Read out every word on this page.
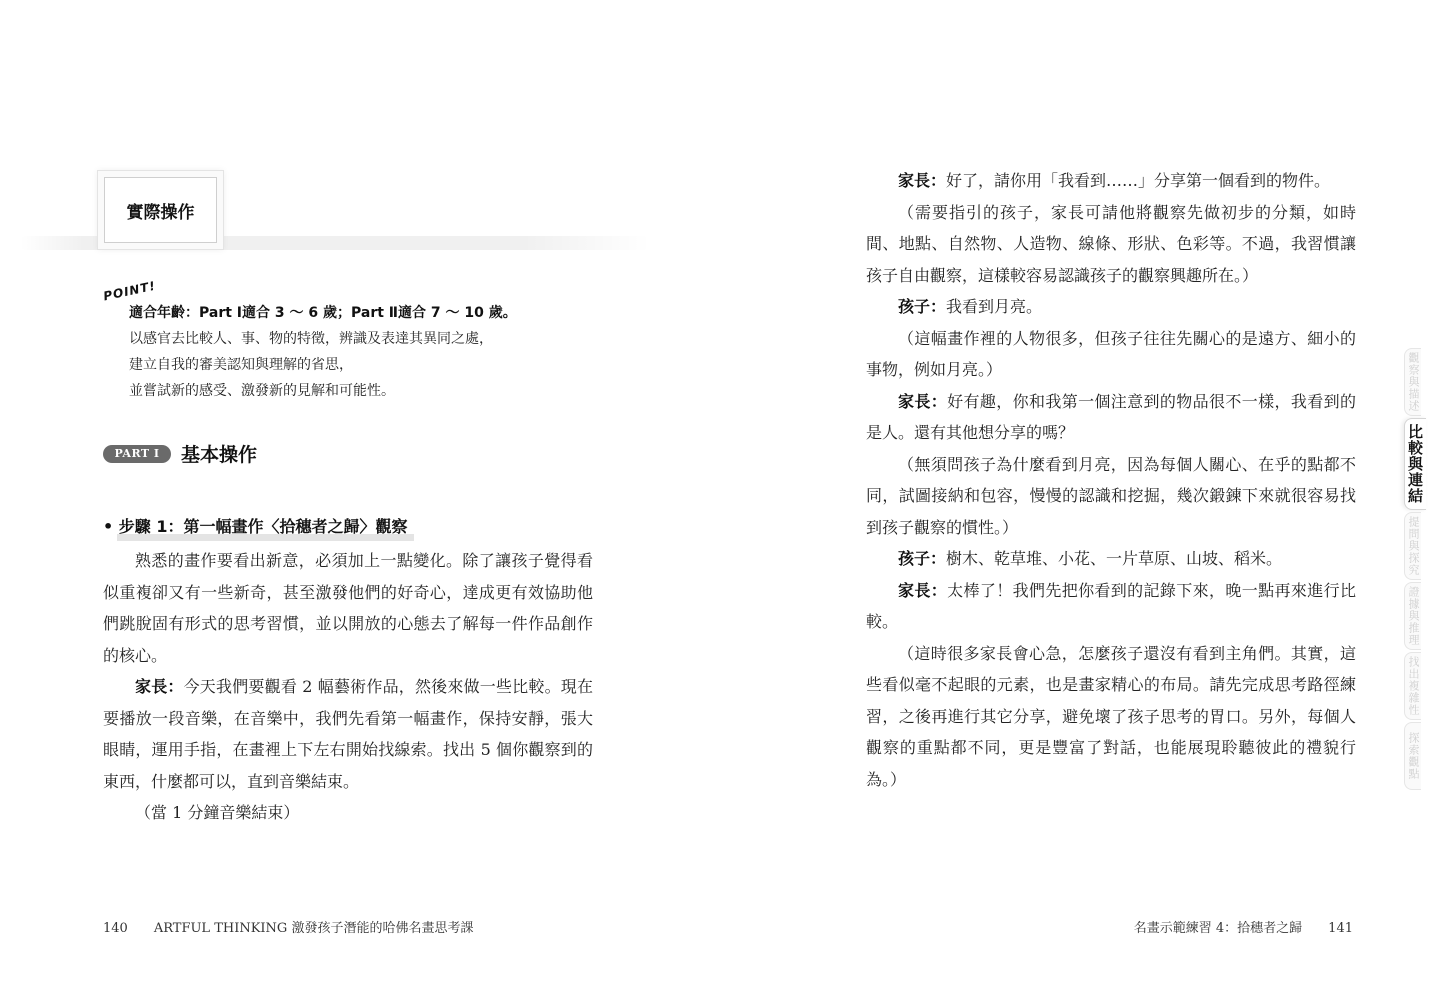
實際操作
POINT!
適合年齡：Part Ⅰ適合 3 ～ 6 歲；Part Ⅱ適合 7 ～ 10 歲。
以感官去比較人、事、物的特徵，辨識及表達其異同之處，
建立自我的審美認知與理解的省思，
並嘗試新的感受、激發新的見解和可能性。
PART Ⅰ	基本操作
• 步驟 1：第一幅畫作〈拾穗者之歸〉觀察

熟悉的畫作要看出新意，必須加上一點變化。除了讓孩子覺得看似重複卻又有一些新奇，甚至激發他們的好奇心，達成更有效協助他們跳脫固有形式的思考習慣，並以開放的心態去了解每一件作品創作的核心。

家長：今天我們要觀看 2 幅藝術作品，然後來做一些比較。現在要播放一段音樂，在音樂中，我們先看第一幅畫作，保持安靜，張大眼睛，運用手指，在畫裡上下左右開始找線索。找出 5 個你觀察到的東西，什麼都可以，直到音樂結束。

（當 1 分鐘音樂結束）

140 ARTFUL THINKING 激發孩子潛能的哈佛名畫思考課

家長：好了，請你用「我看到……」分享第一個看到的物件。

（需要指引的孩子，家長可請他將觀察先做初步的分類，如時間、地點、自然物、人造物、線條、形狀、色彩等。不過，我習慣讓孩子自由觀察，這樣較容易認識孩子的觀察興趣所在。）

孩子：我看到月亮。

（這幅畫作裡的人物很多，但孩子往往先關心的是遠方、細小的事物，例如月亮。）

家長：好有趣，你和我第一個注意到的物品很不一樣，我看到的是人。還有其他想分享的嗎？

（無須問孩子為什麼看到月亮，因為每個人關心、在乎的點都不同，試圖接納和包容，慢慢的認識和挖掘，幾次鍛鍊下來就很容易找到孩子觀察的慣性。）

孩子：樹木、乾草堆、小花、一片草原、山坡、稻米。

家長：太棒了！我們先把你看到的記錄下來，晚一點再來進行比較。

（這時很多家長會心急，怎麼孩子還沒有看到主角們。其實，這些看似毫不起眼的元素，也是畫家精心的布局。請先完成思考路徑練習，之後再進行其它分享，避免壞了孩子思考的胃口。另外，每個人觀察的重點都不同，更是豐富了對話，也能展現聆聽彼此的禮貌行為。）

名畫示範練習 4：拾穗者之歸 141
觀察與描述
比較與連結
提問與探究
證據與推理
找出複雜性
探索觀點
